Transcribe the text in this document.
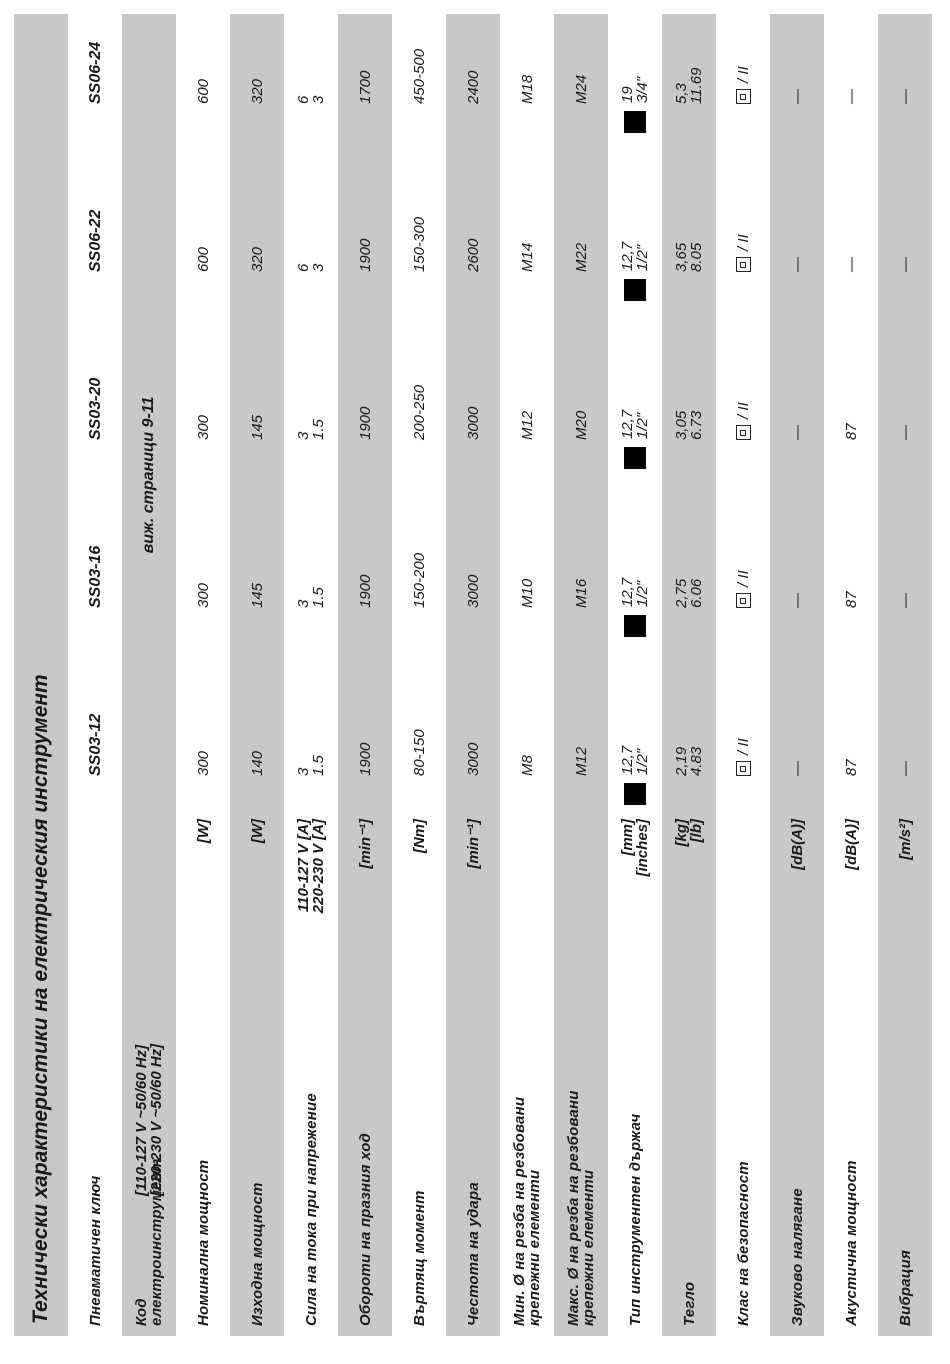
Технически характеристики на електрическия инструмент	Пневматичен ключ
SS03-12
SS03-16
SS03-20
SS06-22
SS06-24
Код електроинструмент
[110-127 V ~50/60 Hz]
[220-230 V ~50/60 Hz]
виж. страници 9-11
Номинална мощност
[W]
300
300
300
600
600
Изходна мощност
[W]
140
145
145
320
320
Сила на тока при напрежение
110-127 V [A]
220-230 V [A]
3
1.5
3
1.5
3
1.5
6
3
6
3
Обороти на празния ход
[min⁻¹]
1900
1900
1900
1900
1700
Въртящ момент
[Nm]
80-150
150-200
200-250
150-300
450-500
Честота на удара
[min⁻¹]
3000
3000
3000
2600
2400
Мин. Ø на резба на резбовани
крепежни елементи
M8
M10
M12
M14
M18
Макс. Ø на резба на резбовани
крепежни елементи
M12
M16
M20
M22
M24
Тип инструментен държач
[mm]
[inches]
12,7
1/2"
12,7
1/2"
12,7
1/2"
12,7
1/2"
19
3/4"
Тегло
[kg]
[lb]
2,19
4.83
2,75
6.06
3,05
6.73
3,65
8.05
5,3
11.69
Клас на безопасност
/ II
/ II
/ II
/ II
/ II
Звуково налягане
[dB(A)]
—
—
—
—
—
Акустична мощност
[dB(A)]
87
87
87
—
—
Вибрация
[m/s²]
—
—
—
—
—
